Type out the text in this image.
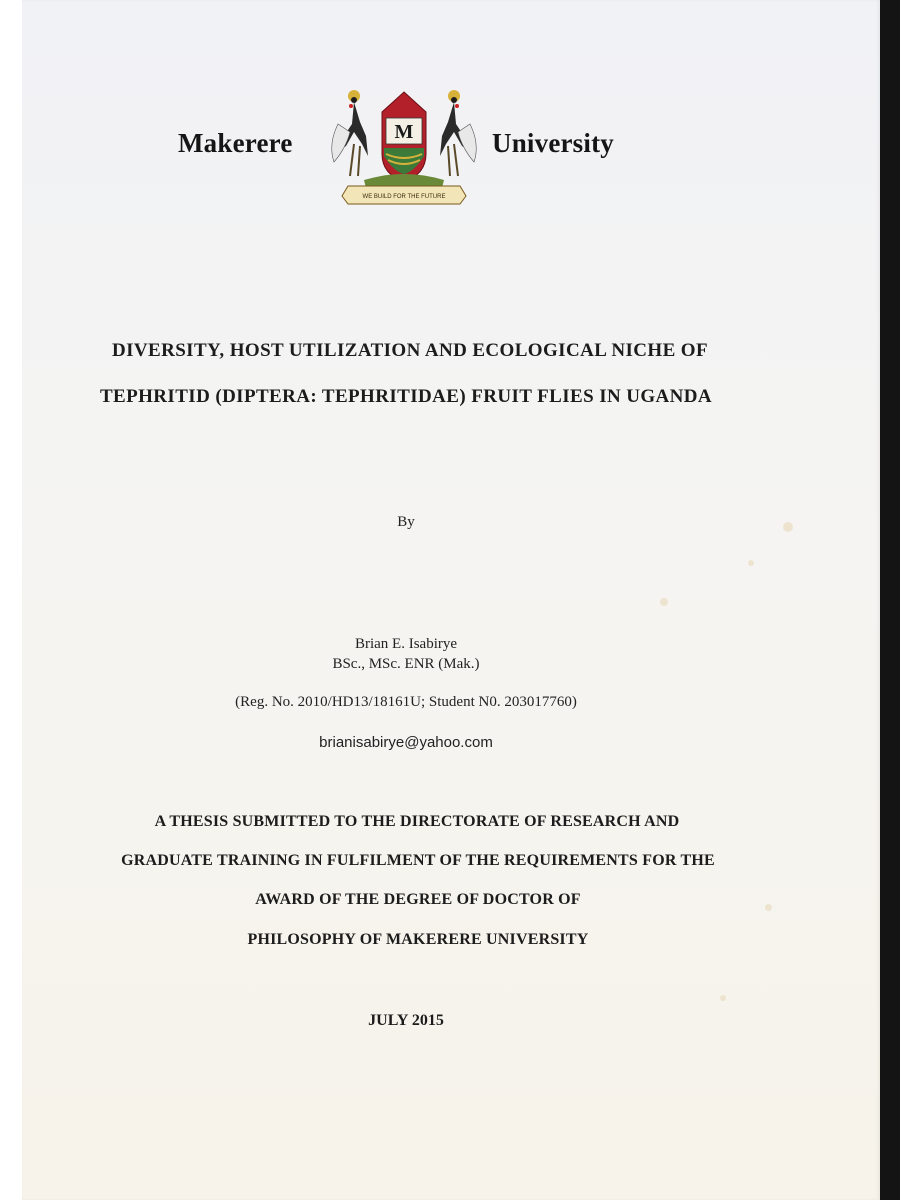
Makerere	M
WE BUILD FOR THE FUTURE
University
DIVERSITY, HOST UTILIZATION AND ECOLOGICAL NICHE OF
TEPHRITID (DIPTERA: TEPHRITIDAE) FRUIT FLIES IN UGANDA
By
Brian E. Isabirye
BSc., MSc. ENR (Mak.)
(Reg. No. 2010/HD13/18161U; Student N0. 203017760)
brianisabirye@yahoo.com
A THESIS SUBMITTED TO THE DIRECTORATE OF RESEARCH AND
GRADUATE TRAINING IN FULFILMENT OF THE REQUIREMENTS FOR THE
AWARD OF THE DEGREE OF DOCTOR OF
PHILOSOPHY OF MAKERERE UNIVERSITY
JULY 2015
